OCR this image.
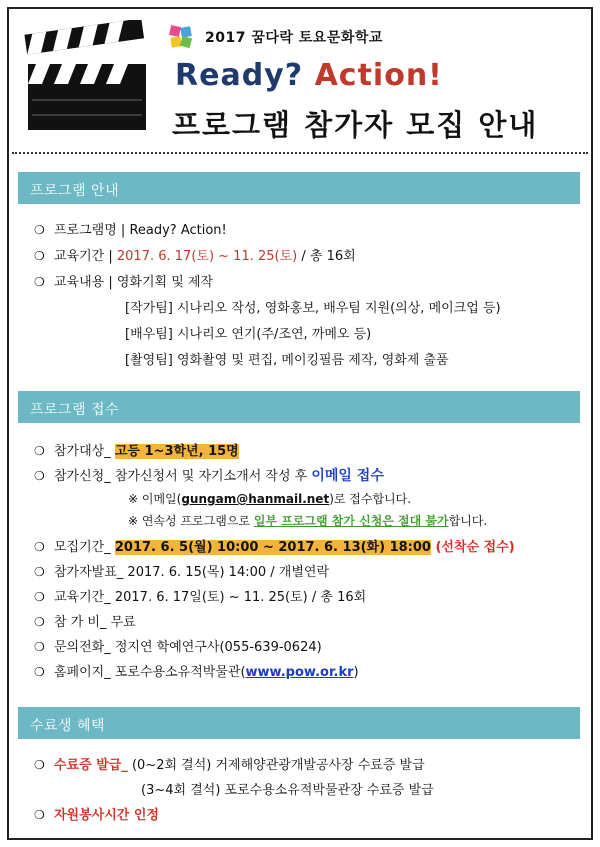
2017 꿈다락 토요문화학교
Ready? Action!
프로그램 참가자 모집 안내
프로그램 안내
❍ 프로그램명 | Ready? Action!
❍ 교육기간 | 2017. 6. 17(토) ~ 11. 25(토) / 총 16회
❍ 교육내용 | 영화기획 및 제작
[작가팀] 시나리오 작성, 영화홍보, 배우팀 지원(의상, 메이크업 등)
[배우팀] 시나리오 연기(주/조연, 까메오 등)
[촬영팀] 영화촬영 및 편집, 메이킹필름 제작, 영화제 출품
프로그램 접수
❍ 참가대상_ 고등 1~3학년, 15명
❍ 참가신청_ 참가신청서 및 자기소개서 작성 후 이메일 접수
※ 이메일(gungam@hanmail.net)로 접수합니다.
※ 연속성 프로그램으로 일부 프로그램 참가 신청은 절대 불가합니다.
❍ 모집기간_ 2017. 6. 5(월) 10:00 ~ 2017. 6. 13(화) 18:00 (선착순 접수)
❍ 참가자발표_ 2017. 6. 15(목) 14:00 / 개별연락
❍ 교육기간_ 2017. 6. 17일(토) ~ 11. 25(토) / 총 16회
❍ 참 가 비_ 무료
❍ 문의전화_ 정지연 학예연구사(055-639-0624)
❍ 홈페이지_ 포로수용소유적박물관(www.pow.or.kr)
수료생 혜택
❍ 수료증 발급_ (0~2회 결석) 거제해양관광개발공사장 수료증 발급
(3~4회 결석) 포로수용소유적박물관장 수료증 발급
❍ 자원봉사시간 인정
